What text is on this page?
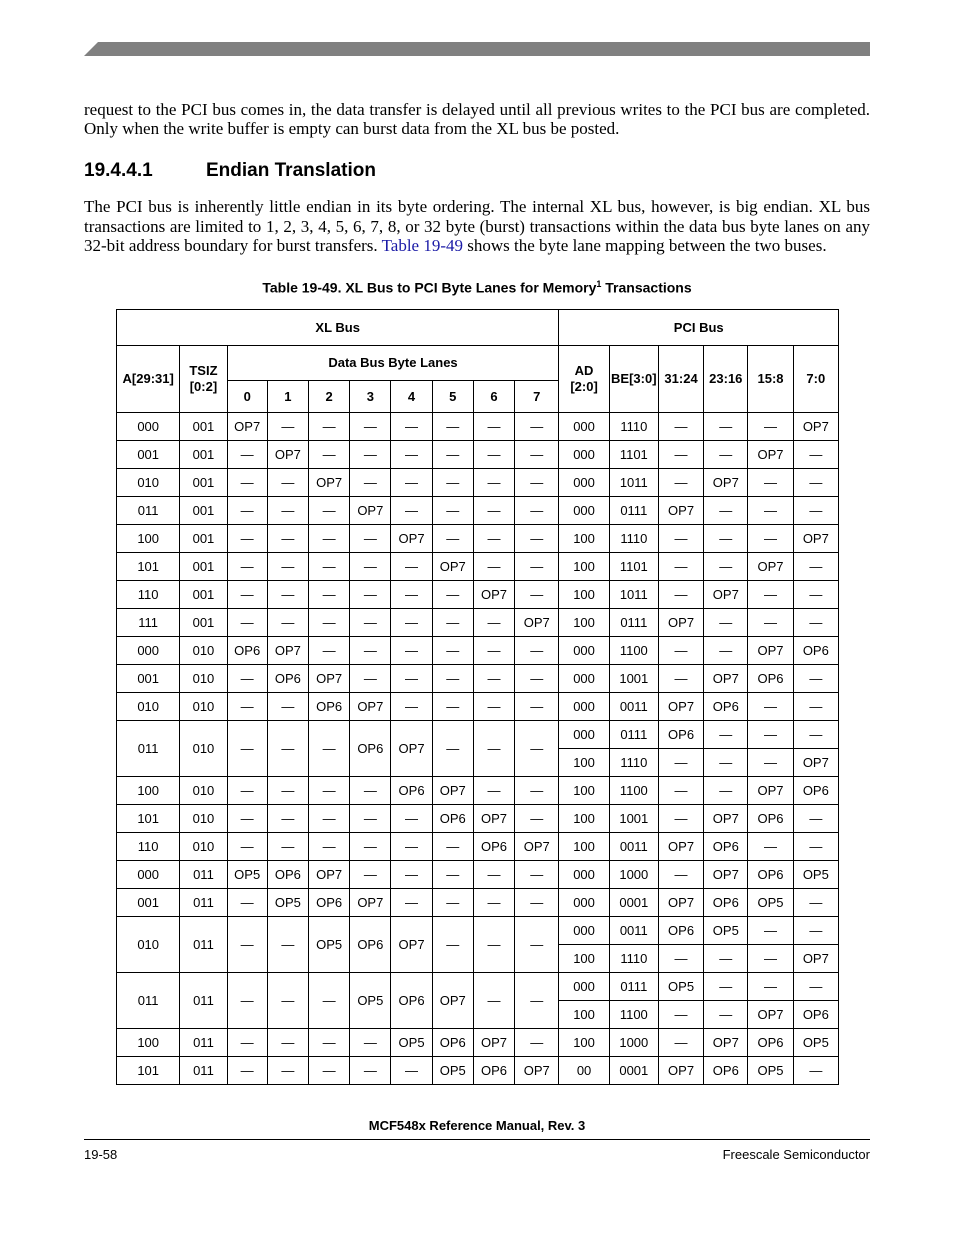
request to the PCI bus comes in, the data transfer is delayed until all previous writes to the PCI bus are completed. Only when the write buffer is empty can burst data from the XL bus be posted.

19.4.4.1	Endian Translation

The PCI bus is inherently little endian in its byte ordering. The internal XL bus, however, is big endian. XL bus transactions are limited to 1, 2, 3, 4, 5, 6, 7, 8, or 32 byte (burst) transactions within the data bus byte lanes on any 32-bit address boundary for burst transfers. Table 19-49 shows the byte lane mapping between the two buses.

Table 19-49. XL Bus to PCI Byte Lanes for Memory$^1$ Transactions
XL Bus										PCI Bus					
A[29:31]	TSIZ [0:2]	Data Bus Byte Lanes								AD [2:0]	BE[3:0]	31:24	23:16	15:8	7:0
		0	1	2	3	4	5	6	7						
000	001	OP7	—	—	—	—	—	—	—	000	1110	—	—	—	OP7
001	001	—	OP7	—	—	—	—	—	—	000	1101	—	—	OP7	—
010	001	—	—	OP7	—	—	—	—	—	000	1011	—	OP7	—	—
011	001	—	—	—	OP7	—	—	—	—	000	0111	OP7	—	—	—
100	001	—	—	—	—	OP7	—	—	—	100	1110	—	—	—	OP7
101	001	—	—	—	—	—	OP7	—	—	100	1101	—	—	OP7	—
110	001	—	—	—	—	—	—	OP7	—	100	1011	—	OP7	—	—
111	001	—	—	—	—	—	—	—	OP7	100	0111	OP7	—	—	—
000	010	OP6	OP7	—	—	—	—	—	—	000	1100	—	—	OP7	OP6
001	010	—	OP6	OP7	—	—	—	—	—	000	1001	—	OP7	OP6	—
010	010	—	—	OP6	OP7	—	—	—	—	000	0011	OP7	OP6	—	—
011	010	—	—	—	OP6	OP7	—	—	—	000	0111	OP6	—	—	—
										100	1110	—	—	—	OP7
100	010	—	—	—	—	OP6	OP7	—	—	100	1100	—	—	OP7	OP6
101	010	—	—	—	—	—	OP6	OP7	—	100	1001	—	OP7	OP6	—
110	010	—	—	—	—	—	—	OP6	OP7	100	0011	OP7	OP6	—	—
000	011	OP5	OP6	OP7	—	—	—	—	—	000	1000	—	OP7	OP6	OP5
001	011	—	OP5	OP6	OP7	—	—	—	—	000	0001	OP7	OP6	OP5	—
010	011	—	—	OP5	OP6	OP7	—	—	—	000	0011	OP6	OP5	—	—
										100	1110	—	—	—	OP7
011	011	—	—	—	OP5	OP6	OP7	—	—	000	0111	OP5	—	—	—
										100	1100	—	—	OP7	OP6
100	011	—	—	—	—	OP5	OP6	OP7	—	100	1000	—	OP7	OP6	OP5
101	011	—	—	—	—	—	OP5	OP6	OP7	00	0001	OP7	OP6	OP5	—
MCF548x Reference Manual, Rev. 3
19-58	Freescale Semiconductor
